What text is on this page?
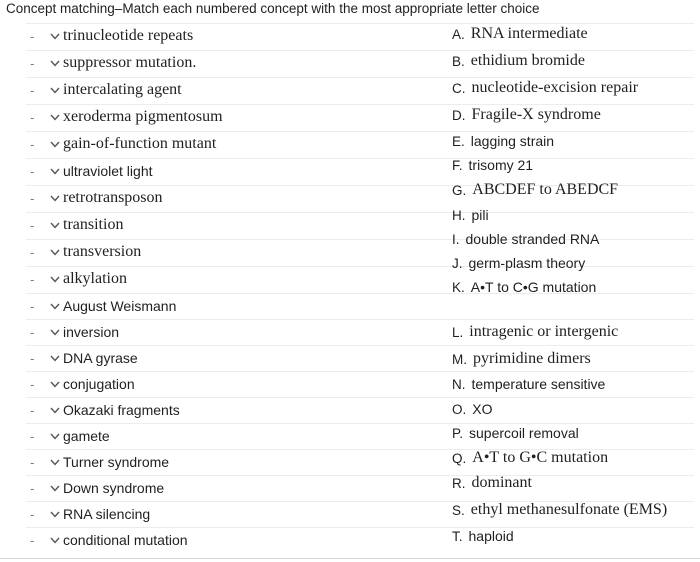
Concept matching–Match each numbered concept with the most appropriate letter choice
-	trinucleotide repeats
-	suppressor mutation.
-	intercalating agent
-	xeroderma pigmentosum
-	gain-of-function mutant
-	ultraviolet light
-	retrotransposon
-	transition
-	transversion
-	alkylation
-	August Weismann
-	inversion
-	DNA gyrase
-	conjugation
-	Okazaki fragments
-	gamete
-	Turner syndrome
-	Down syndrome
-	RNA silencing
-	conditional mutation
A. RNA intermediate
B. ethidium bromide
C. nucleotide-excision repair
D. Fragile-X syndrome
E. lagging strain
F. trisomy 21
G. ABCDEF to ABEDCF
H. pili
I. double stranded RNA
J. germ-plasm theory
K. A•T to C•G mutation
L. intragenic or intergenic
M. pyrimidine dimers
N. temperature sensitive
O. XO
P. supercoil removal
Q. A•T to G•C mutation
R. dominant
S. ethyl methanesulfonate (EMS)
T. haploid
